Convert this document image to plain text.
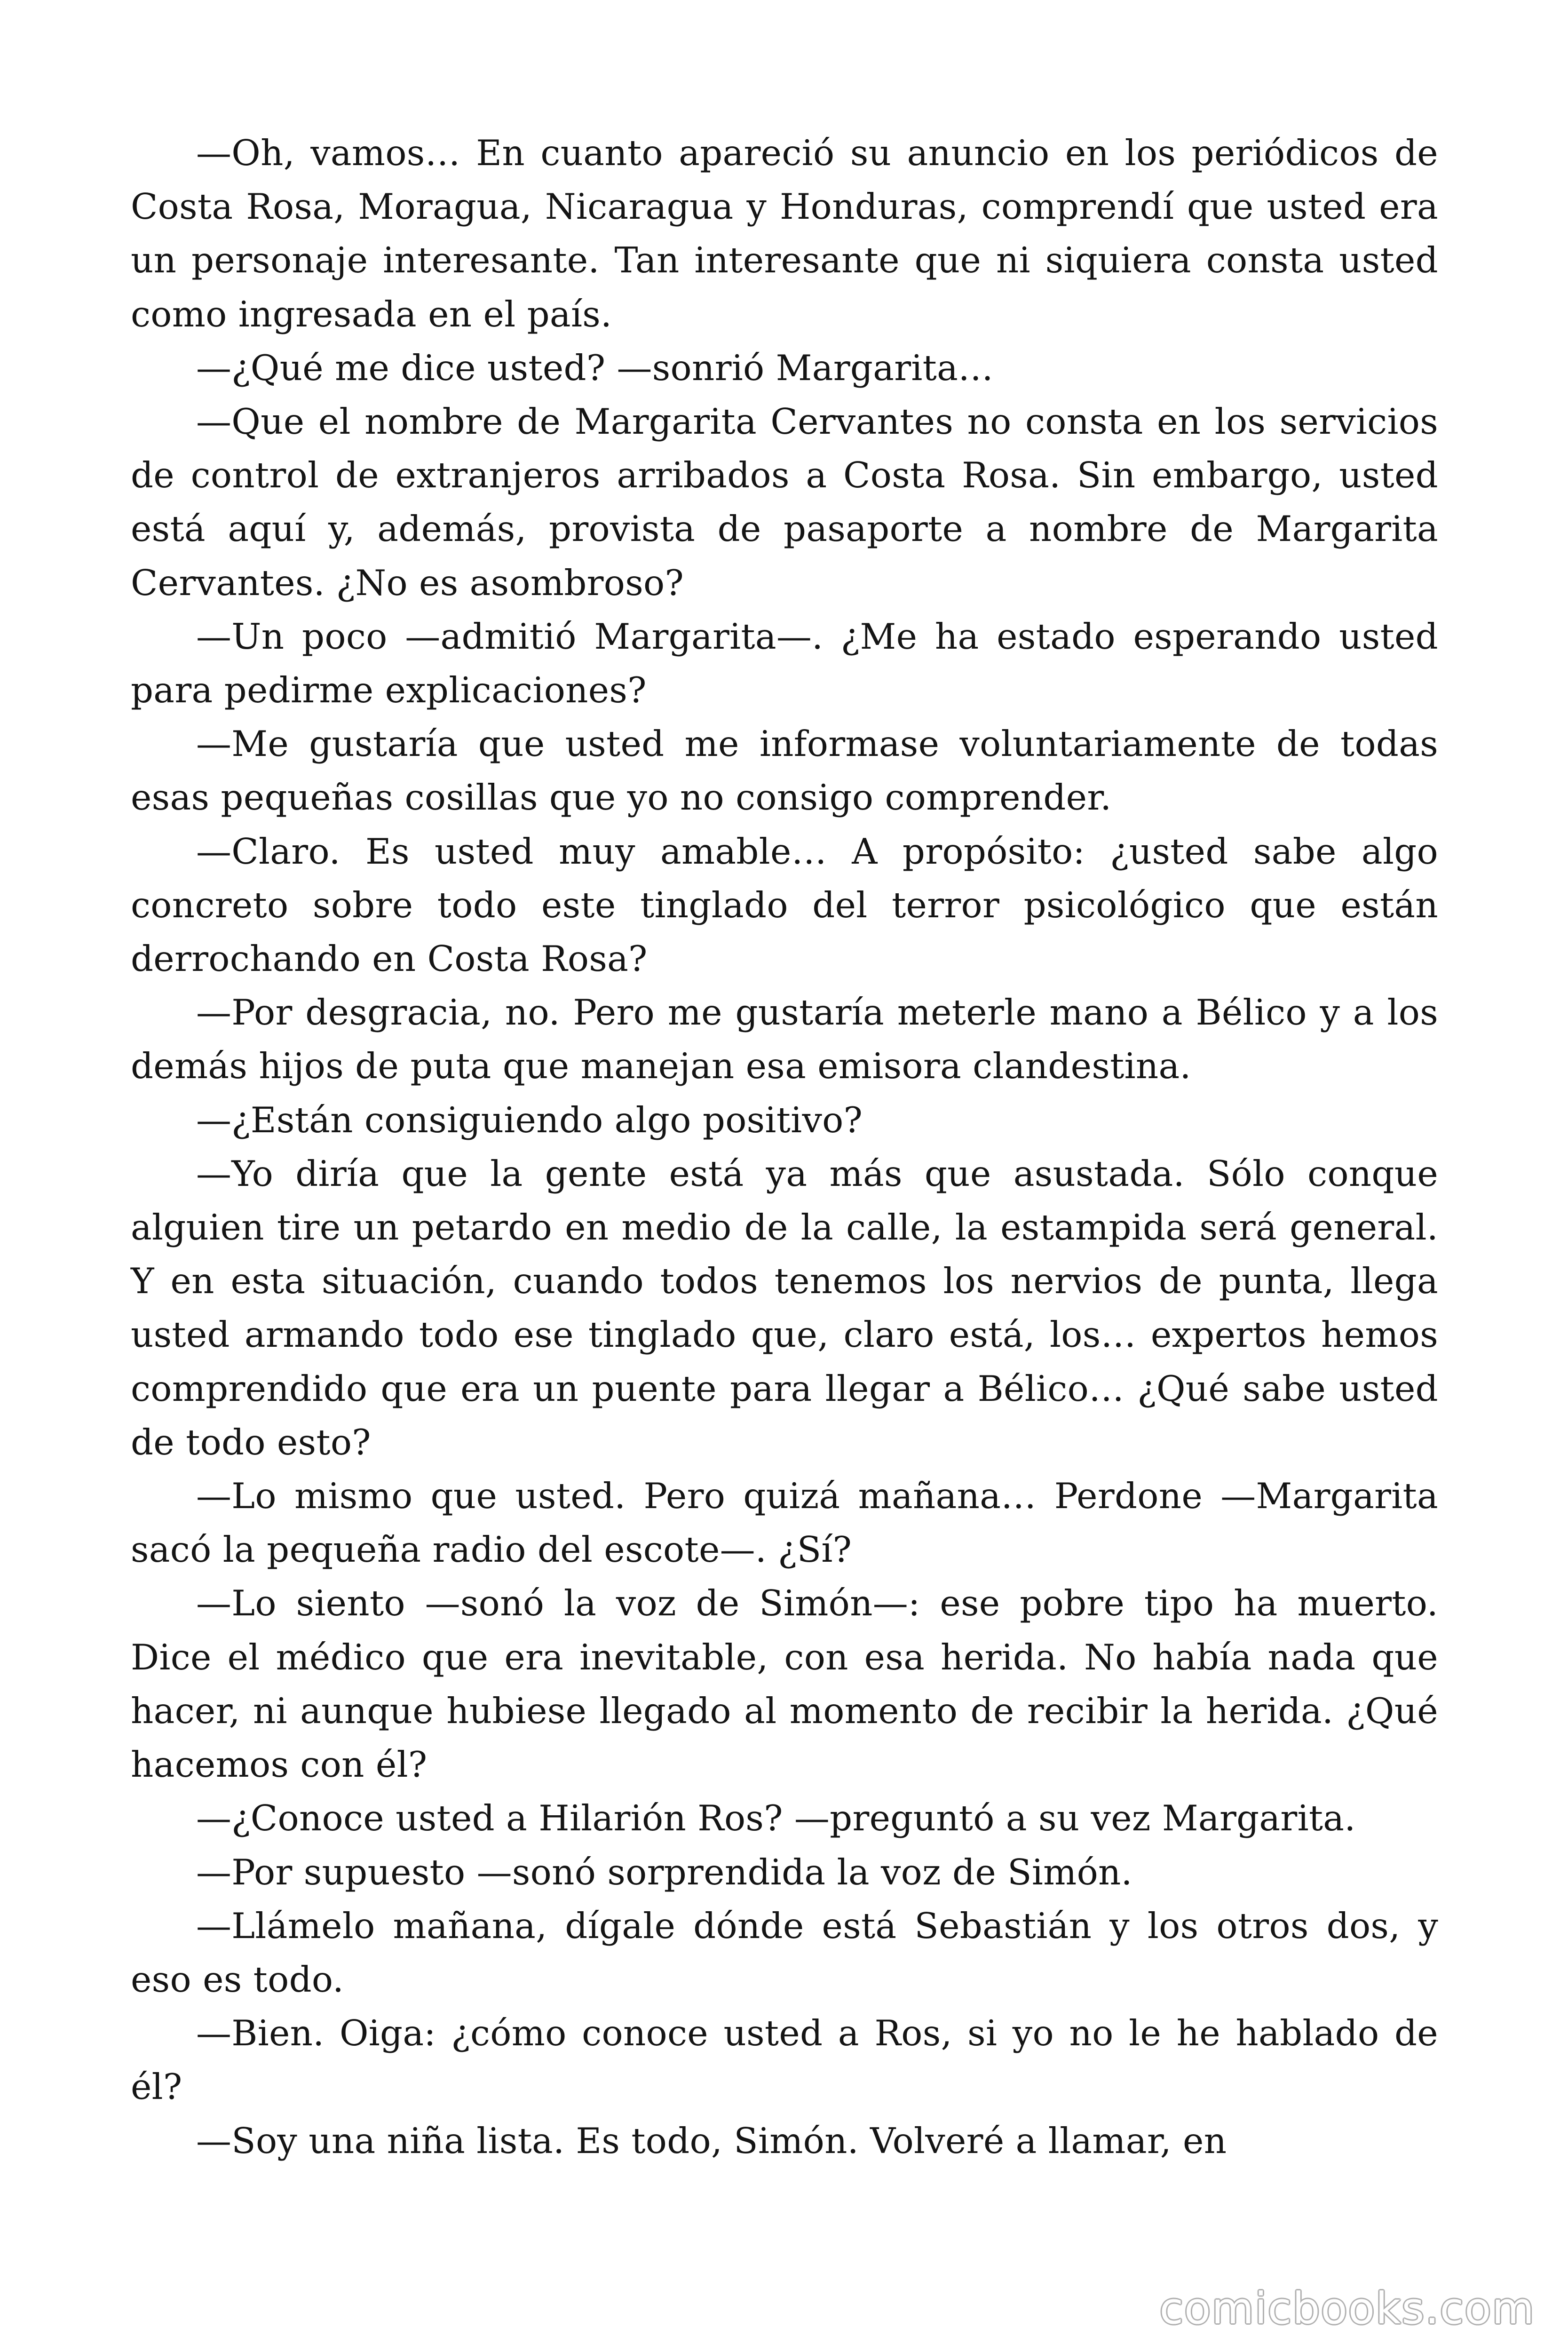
—Oh, vamos… En cuanto apareció su anuncio en los periódicos de Costa Rosa, Moragua, Nicaragua y Honduras, comprendí que usted era un personaje interesante. Tan interesante que ni siquiera consta usted como ingresada en el país.

—¿Qué me dice usted? —sonrió Margarita…

—Que el nombre de Margarita Cervantes no consta en los servicios de control de extranjeros arribados a Costa Rosa. Sin embargo, usted está aquí y, además, provista de pasaporte a nombre de Margarita Cervantes. ¿No es asombroso?

—Un poco —admitió Margarita—. ¿Me ha estado esperando usted para pedirme explicaciones?

—Me gustaría que usted me informase voluntariamente de todas esas pequeñas cosillas que yo no consigo comprender.

—Claro. Es usted muy amable… A propósito: ¿usted sabe algo concreto sobre todo este tinglado del terror psicológico que están derrochando en Costa Rosa?

—Por desgracia, no. Pero me gustaría meterle mano a Bélico y a los demás hijos de puta que manejan esa emisora clandestina.

—¿Están consiguiendo algo positivo?

—Yo diría que la gente está ya más que asustada. Sólo conque alguien tire un petardo en medio de la calle, la estampida será general. Y en esta situación, cuando todos tenemos los nervios de punta, llega usted armando todo ese tinglado que, claro está, los… expertos hemos comprendido que era un puente para llegar a Bélico… ¿Qué sabe usted de todo esto?

—Lo mismo que usted. Pero quizá mañana… Perdone —Margarita sacó la pequeña radio del escote—. ¿Sí?

—Lo siento —sonó la voz de Simón—: ese pobre tipo ha muerto. Dice el médico que era inevitable, con esa herida. No había nada que hacer, ni aunque hubiese llegado al momento de recibir la herida. ¿Qué hacemos con él?

—¿Conoce usted a Hilarión Ros? —preguntó a su vez Margarita.

—Por supuesto —sonó sorprendida la voz de Simón.

—Llámelo mañana, dígale dónde está Sebastián y los otros dos, y eso es todo.

—Bien. Oiga: ¿cómo conoce usted a Ros, si yo no le he hablado de él?

—Soy una niña lista. Es todo, Simón. Volveré a llamar, en

comicbooks.com
